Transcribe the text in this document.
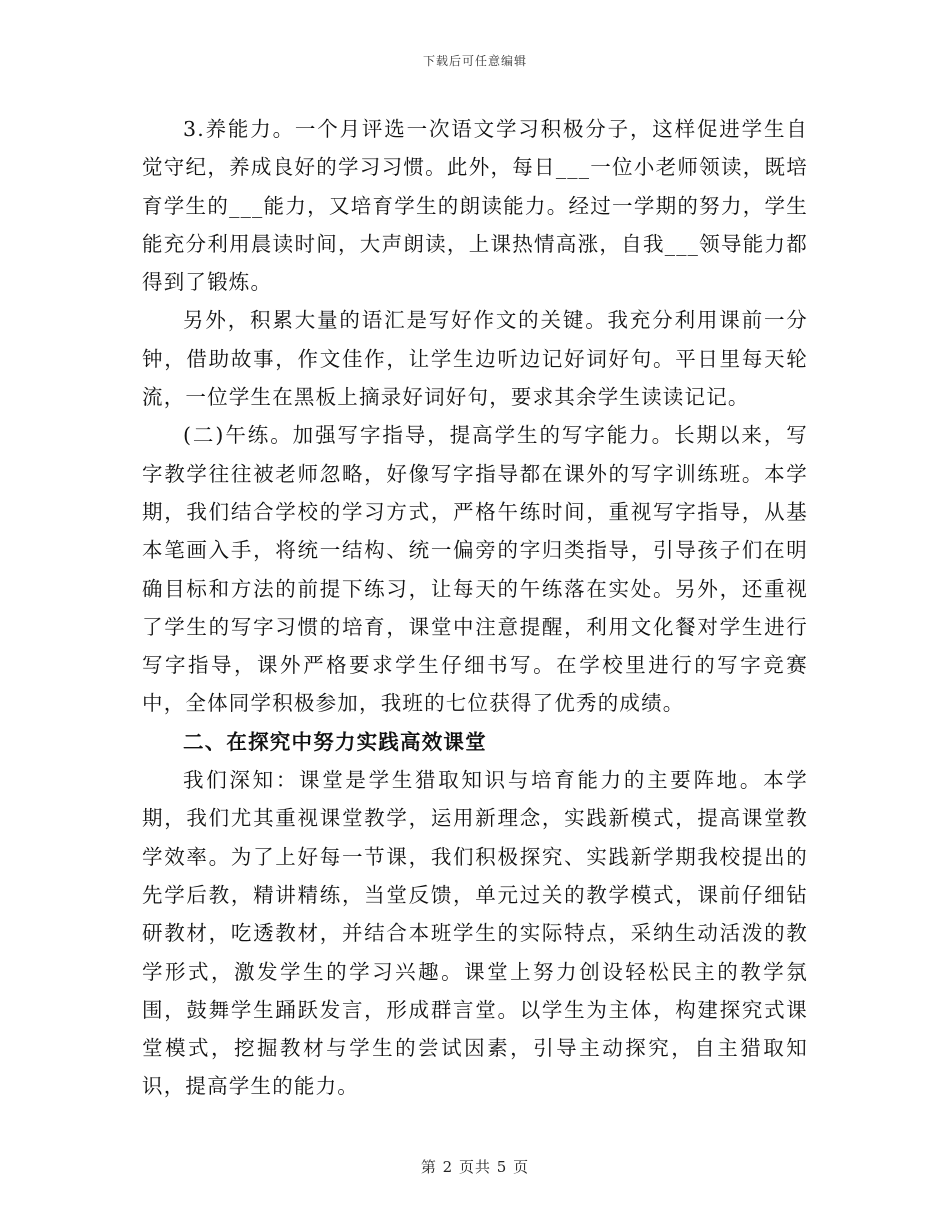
下载后可任意编辑

3.养能力。一个月评选一次语文学习积极分子，这样促进学生自觉守纪，养成良好的学习习惯。此外，每日___一位小老师领读，既培育学生的___能力，又培育学生的朗读能力。经过一学期的努力，学生能充分利用晨读时间，大声朗读，上课热情高涨，自我___领导能力都得到了锻炼。

另外，积累大量的语汇是写好作文的关键。我充分利用课前一分钟，借助故事，作文佳作，让学生边听边记好词好句。平日里每天轮流，一位学生在黑板上摘录好词好句，要求其余学生读读记记。

(二)午练。加强写字指导，提高学生的写字能力。长期以来，写字教学往往被老师忽略，好像写字指导都在课外的写字训练班。本学期，我们结合学校的学习方式，严格午练时间，重视写字指导，从基本笔画入手，将统一结构、统一偏旁的字归类指导，引导孩子们在明确目标和方法的前提下练习，让每天的午练落在实处。另外，还重视了学生的写字习惯的培育，课堂中注意提醒，利用文化餐对学生进行写字指导，课外严格要求学生仔细书写。在学校里进行的写字竞赛中，全体同学积极参加，我班的七位获得了优秀的成绩。

二、在探究中努力实践高效课堂

我们深知：课堂是学生猎取知识与培育能力的主要阵地。本学期，我们尤其重视课堂教学，运用新理念，实践新模式，提高课堂教学效率。为了上好每一节课，我们积极探究、实践新学期我校提出的先学后教，精讲精练，当堂反馈，单元过关的教学模式，课前仔细钻研教材，吃透教材，并结合本班学生的实际特点，采纳生动活泼的教学形式，激发学生的学习兴趣。课堂上努力创设轻松民主的教学氛围，鼓舞学生踊跃发言，形成群言堂。以学生为主体，构建探究式课堂模式，挖掘教材与学生的尝试因素，引导主动探究，自主猎取知识，提高学生的能力。

第 2 页共 5 页
